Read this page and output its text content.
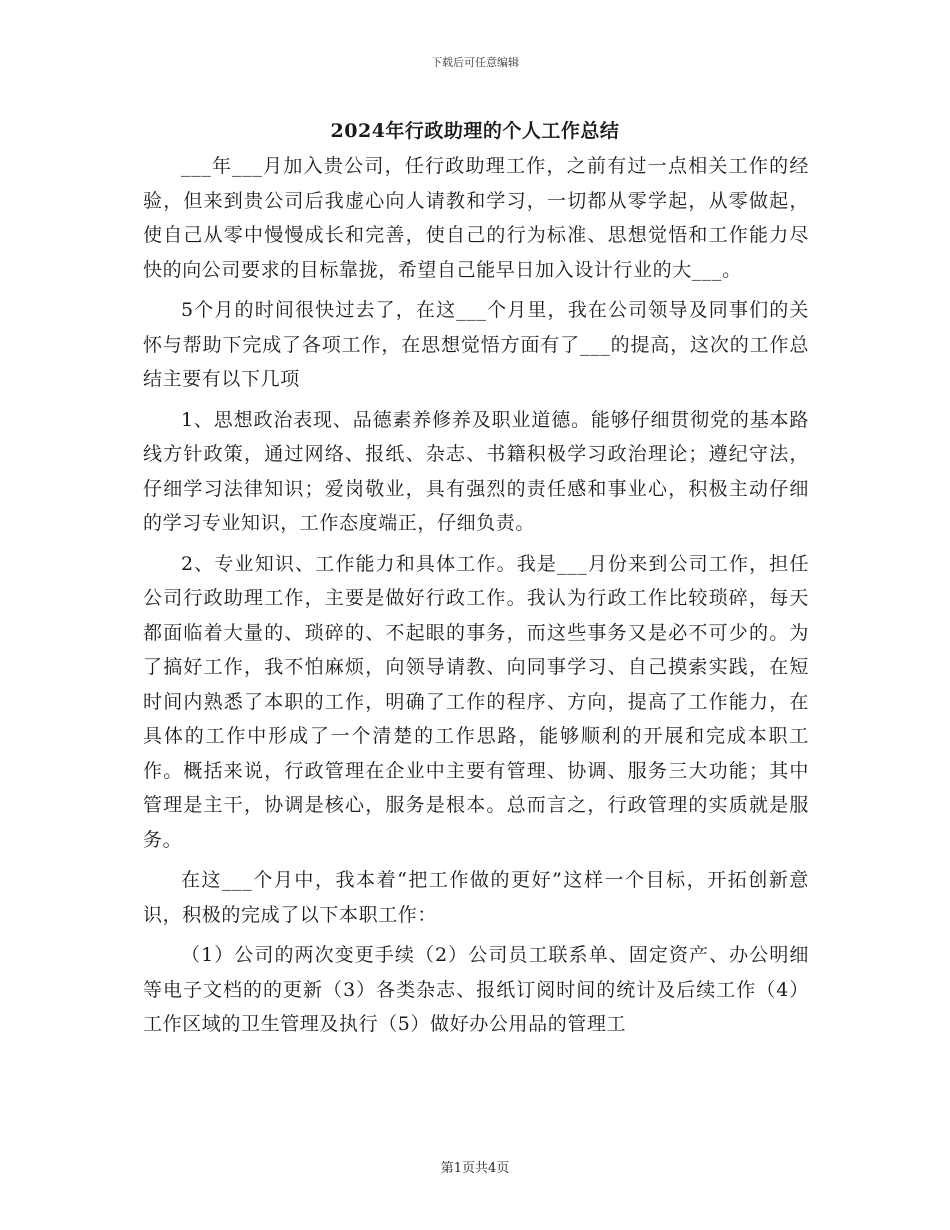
下载后可任意编辑
2024年行政助理的个人工作总结

___年___月加入贵公司，任行政助理工作，之前有过一点相关工作的经验，但来到贵公司后我虚心向人请教和学习，一切都从零学起，从零做起，使自己从零中慢慢成长和完善，使自己的行为标准、思想觉悟和工作能力尽快的向公司要求的目标靠拢，希望自己能早日加入设计行业的大___。

5个月的时间很快过去了，在这___个月里，我在公司领导及同事们的关怀与帮助下完成了各项工作，在思想觉悟方面有了___的提高，这次的工作总结主要有以下几项

1、思想政治表现、品德素养修养及职业道德。能够仔细贯彻党的基本路线方针政策，通过网络、报纸、杂志、书籍积极学习政治理论；遵纪守法，仔细学习法律知识；爱岗敬业，具有强烈的责任感和事业心，积极主动仔细的学习专业知识，工作态度端正，仔细负责。

2、专业知识、工作能力和具体工作。我是___月份来到公司工作，担任公司行政助理工作，主要是做好行政工作。我认为行政工作比较琐碎，每天都面临着大量的、琐碎的、不起眼的事务，而这些事务又是必不可少的。为了搞好工作，我不怕麻烦，向领导请教、向同事学习、自己摸索实践，在短时间内熟悉了本职的工作，明确了工作的程序、方向，提高了工作能力，在具体的工作中形成了一个清楚的工作思路，能够顺利的开展和完成本职工作。概括来说，行政管理在企业中主要有管理、协调、服务三大功能；其中管理是主干，协调是核心，服务是根本。总而言之，行政管理的实质就是服务。

在这___个月中，我本着“把工作做的更好”这样一个目标，开拓创新意识，积极的完成了以下本职工作：

（1）公司的两次变更手续（2）公司员工联系单、固定资产、办公明细等电子文档的的更新（3）各类杂志、报纸订阅时间的统计及后续工作（4）工作区域的卫生管理及执行（5）做好办公用品的管理工

第1页共4页
